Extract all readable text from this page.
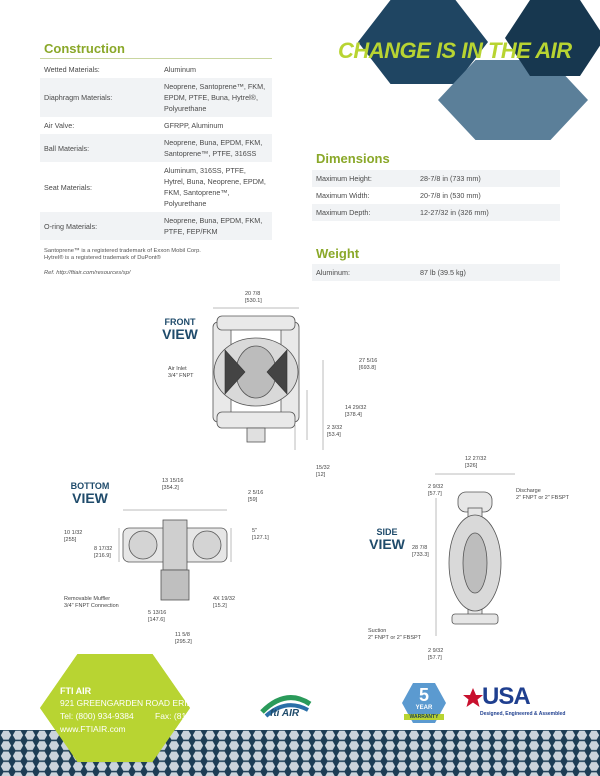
CHANGE IS IN THE AIR
Construction
Wetted Materials:	Aluminum
Diaphragm Materials:	Neoprene, Santoprene™, FKM, EPDM, PTFE, Buna, Hytrel®, Polyurethane
Air Valve:	GFRPP, Aluminum
Ball Materials:	Neoprene, Buna, EPDM, FKM, Santoprene™, PTFE, 316SS
Seat Materials:	Aluminum, 316SS, PTFE, Hytrel, Buna, Neoprene, EPDM, FKM, Santoprene™, Polyurethane
O-ring Materials:	Neoprene, Buna, EPDM, FKM, PTFE, FEP/FKM
Santoprene™ is a registered trademark of Exxon Mobil Corp.
Hytrel® is a registered trademark of DuPont®
Ref. http://ftiair.com/resources/sp/
Dimensions
Maximum Height:	28-7/8 in (733 mm)
Maximum Width:	20-7/8 in (530 mm)
Maximum Depth:	12-27/32 in (326 mm)
Weight
Aluminum:	87 lb (39.5 kg)
FRONT
VIEW
20 7/8
[530.1]
Air Inlet
3/4" FNPT
27 5/16
[693.8]
14 29/32
[378.4]
2 3/32
[53.4]
15/32
[12]
BOTTOM
VIEW
13 15/16
[354.2]
2 5/16
[59]
5"
[127.1]
10 1/32
[255]
8 17/32
[216.9]
Removable Muffler
3/4" FNPT Connection
4X 19/32
[15.2]
5 13/16
[147.6]
11 5/8
[295.2]
SIDE
VIEW
12 27/32
[326]
2 9/32
[57.7]
28 7/8
[733.3]
Discharge
2" FNPT or 2" FBSPT
Suction
2" FNPT or 2" FBSPT
2 9/32
[57.7]
FTI AIR
921 GREENGARDEN ROAD ERIE, PA 16501
Tel: (800) 934-9384	Fax: (814) 459-3460
www.FTIAIR.com
fti AIR
5
YEAR
WARRANTY
USA
Designed, Engineered & Assembled
